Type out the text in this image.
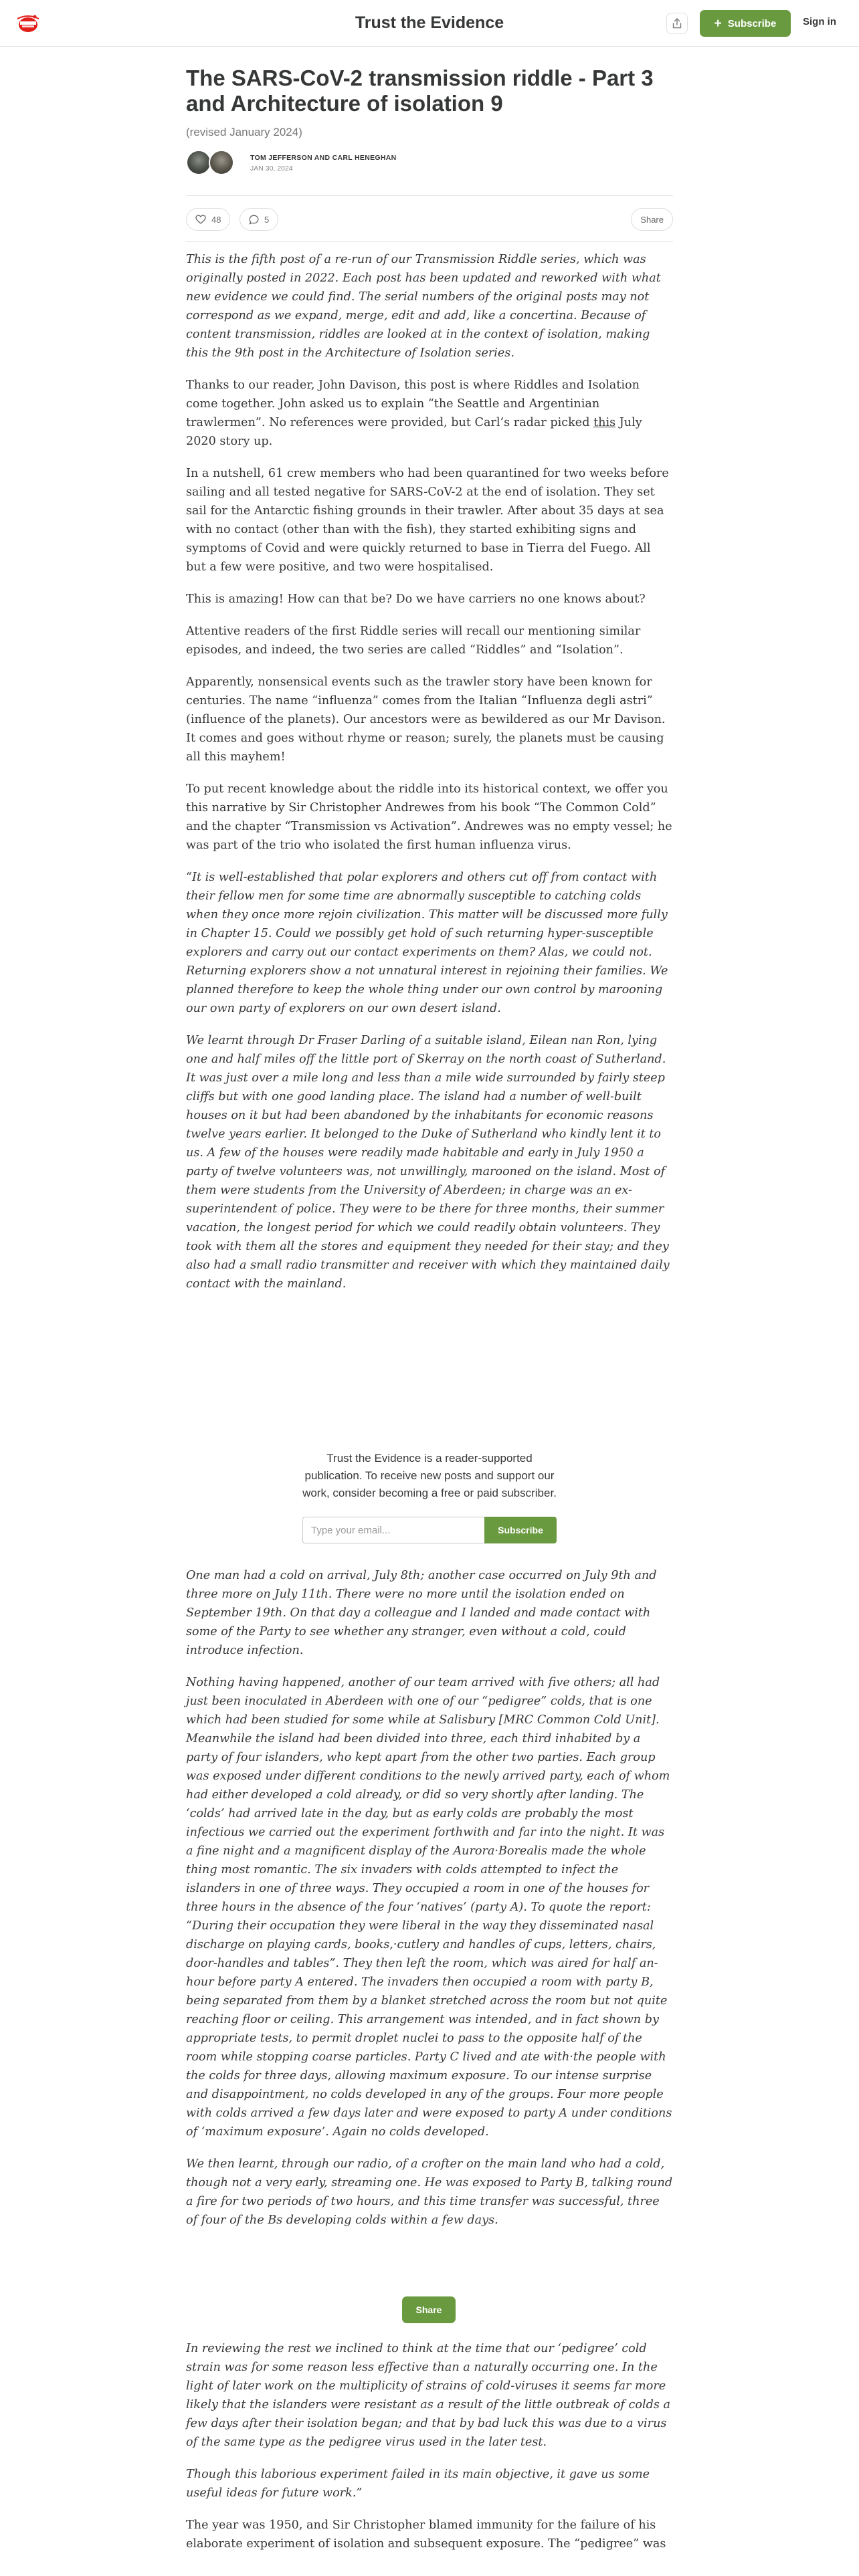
Trust the Evidence	+ Subscribe	Sign in
The SARS-CoV-2 transmission riddle - Part 3 and Architecture of isolation 9
(revised January 2024)
TOM JEFFERSON AND CARL HENEGHAN
JAN 30, 2024
48	5	Share

This is the fifth post of a re-run of our Transmission Riddle series, which was originally posted in 2022. Each post has been updated and reworked with what new evidence we could find. The serial numbers of the original posts may not correspond as we expand, merge, edit and add, like a concertina. Because of content transmission, riddles are looked at in the context of isolation, making this the 9th post in the Architecture of Isolation series.

Thanks to our reader, John Davison, this post is where Riddles and Isolation come together. John asked us to explain “the Seattle and Argentinian trawlermen”. No references were provided, but Carl’s radar picked this July 2020 story up.

In a nutshell, 61 crew members who had been quarantined for two weeks before sailing and all tested negative for SARS-CoV-2 at the end of isolation. They set sail for the Antarctic fishing grounds in their trawler. After about 35 days at sea with no contact (other than with the fish), they started exhibiting signs and symptoms of Covid and were quickly returned to base in Tierra del Fuego. All but a few were positive, and two were hospitalised.

This is amazing! How can that be? Do we have carriers no one knows about?

Attentive readers of the first Riddle series will recall our mentioning similar episodes, and indeed, the two series are called “Riddles” and “Isolation”.

Apparently, nonsensical events such as the trawler story have been known for centuries. The name “influenza” comes from the Italian “Influenza degli astri” (influence of the planets). Our ancestors were as bewildered as our Mr Davison. It comes and goes without rhyme or reason; surely, the planets must be causing all this mayhem!

To put recent knowledge about the riddle into its historical context, we offer you this narrative by Sir Christopher Andrewes from his book “The Common Cold” and the chapter “Transmission vs Activation”. Andrewes was no empty vessel; he was part of the trio who isolated the first human influenza virus.

“It is well-established that polar explorers and others cut off from contact with their fellow men for some time are abnormally susceptible to catching colds when they once more rejoin civilization. This matter will be discussed more fully in Chapter 15. Could we possibly get hold of such returning hyper-susceptible explorers and carry out our contact experiments on them? Alas, we could not. Returning explorers show a not unnatural interest in rejoining their families. We planned therefore to keep the whole thing under our own control by marooning our own party of explorers on our own desert island.

We learnt through Dr Fraser Darling of a suitable island, Eilean nan Ron, lying one and half miles off the little port of Skerray on the north coast of Sutherland. It was just over a mile long and less than a mile wide surrounded by fairly steep cliffs but with one good landing place. The island had a number of well-built houses on it but had been abandoned by the inhabitants for economic reasons twelve years earlier. It belonged to the Duke of Sutherland who kindly lent it to us. A few of the houses were readily made habitable and early in July 1950 a party of twelve volunteers was, not unwillingly, marooned on the island. Most of them were students from the University of Aberdeen; in charge was an ex-superintendent of police. They were to be there for three months, their summer vacation, the longest period for which we could readily obtain volunteers. They took with them all the stores and equipment they needed for their stay; and they also had a small radio transmitter and receiver with which they maintained daily contact with the mainland.

Trust the Evidence is a reader-supported publication. To receive new posts and support our work, consider becoming a free or paid subscriber.

Type your email...
Subscribe

One man had a cold on arrival, July 8th; another case occurred on July 9th and three more on July 11th. There were no more until the isolation ended on September 19th. On that day a colleague and I landed and made contact with some of the Party to see whether any stranger, even without a cold, could introduce infection.

Nothing having happened, another of our team arrived with five others; all had just been inoculated in Aberdeen with one of our “pedigree” colds, that is one which had been studied for some while at Salisbury [MRC Common Cold Unit]. Meanwhile the island had been divided into three, each third inhabited by a party of four islanders, who kept apart from the other two parties. Each group was exposed under different conditions to the newly arrived party, each of whom had either developed a cold already, or did so very shortly after landing. The ‘colds’ had arrived late in the day, but as early colds are probably the most infectious we carried out the experiment forthwith and far into the night. It was a fine night and a magnificent display of the Aurora·Borealis made the whole thing most romantic. The six invaders with colds attempted to infect the islanders in one of three ways. They occupied a room in one of the houses for three hours in the absence of the four ‘natives’ (party A). To quote the report: “During their occupation they were liberal in the way they disseminated nasal discharge on playing cards, books,·cutlery and handles of cups, letters, chairs, door-handles and tables”. They then left the room, which was aired for half an-hour before party A entered. The invaders then occupied a room with party B, being separated from them by a blanket stretched across the room but not quite reaching floor or ceiling. This arrangement was intended, and in fact shown by appropriate tests, to permit droplet nuclei to pass to the opposite half of the room while stopping coarse particles. Party C lived and ate with·the people with the colds for three days, allowing maximum exposure. To our intense surprise and disappointment, no colds developed in any of the groups. Four more people with colds arrived a few days later and were exposed to party A under conditions of ‘maximum exposure’. Again no colds developed.

We then learnt, through our radio, of a crofter on the main land who had a cold, though not a very early, streaming one. He was exposed to Party B, talking round a fire for two periods of two hours, and this time transfer was successful, three of four of the Bs developing colds within a few days.

Share

In reviewing the rest we inclined to think at the time that our ‘pedigree’ cold strain was for some reason less effective than a naturally occurring one. In the light of later work on the multiplicity of strains of cold-viruses it seems far more likely that the islanders were resistant as a result of the little outbreak of colds a few days after their isolation began; and that by bad luck this was due to a virus of the same type as the pedigree virus used in the later test.

Though this laborious experiment failed in its main objective, it gave us some useful ideas for future work.”

The year was 1950, and Sir Christopher blamed immunity for the failure of his elaborate experiment of isolation and subsequent exposure. The “pedigree” was
